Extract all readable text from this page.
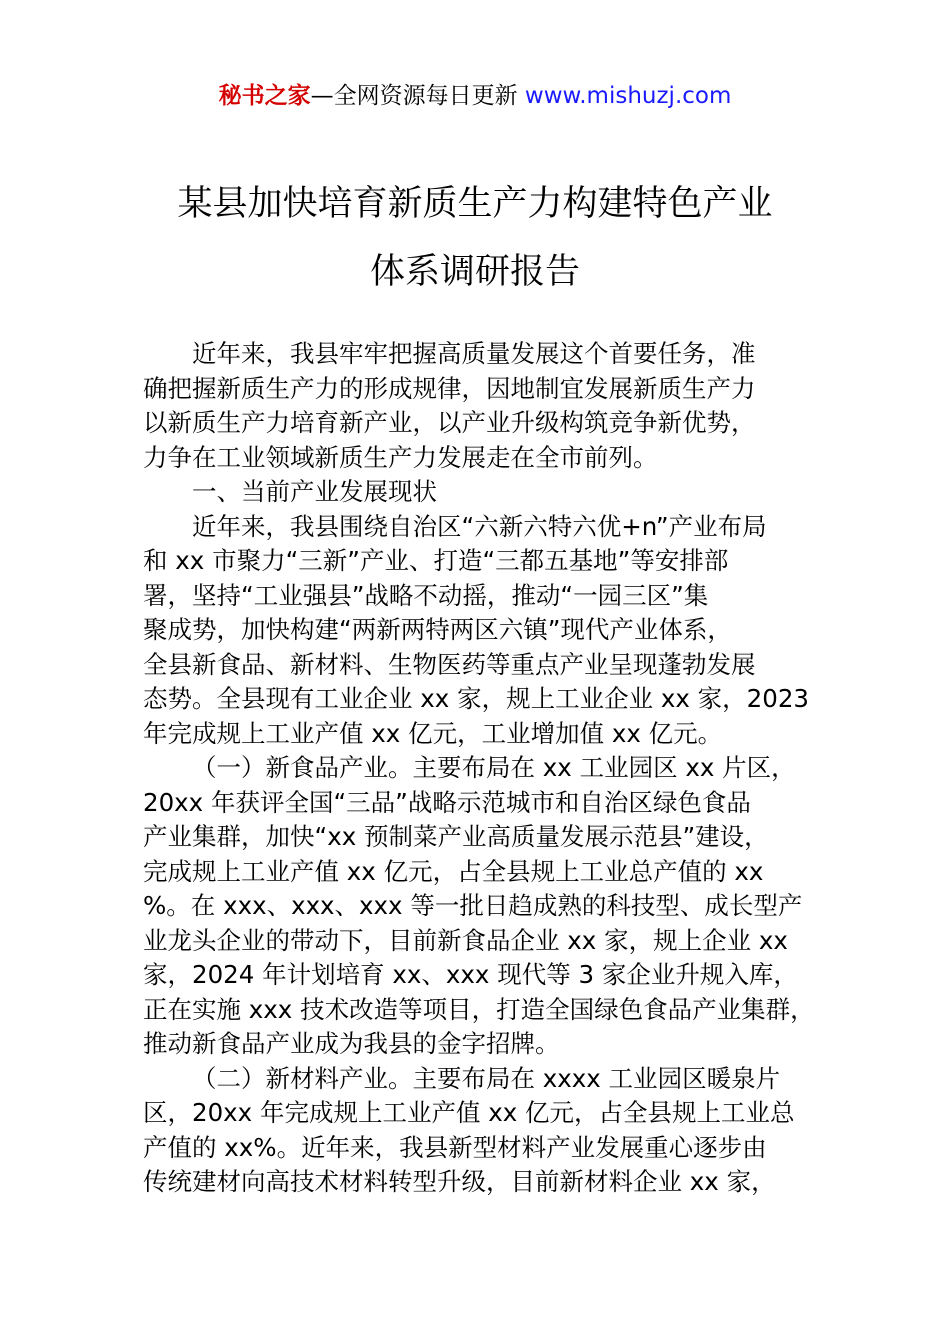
秘书之家—全网资源每日更新 www.mishuzj.com
某县加快培育新质生产力构建特色产业
体系调研报告
近年来，我县牢牢把握高质量发展这个首要任务，准
确把握新质生产力的形成规律，因地制宜发展新质生产力
以新质生产力培育新产业，以产业升级构筑竞争新优势，
力争在工业领域新质生产力发展走在全市前列。
一、当前产业发展现状
近年来，我县围绕自治区“六新六特六优+n”产业布局
和 xx 市聚力“三新”产业、打造“三都五基地”等安排部
署，坚持“工业强县”战略不动摇，推动“一园三区”集
聚成势，加快构建“两新两特两区六镇”现代产业体系，
全县新食品、新材料、生物医药等重点产业呈现蓬勃发展
态势。全县现有工业企业 xx 家，规上工业企业 xx 家，2023
年完成规上工业产值 xx 亿元，工业增加值 xx 亿元。
（一）新食品产业。主要布局在 xx 工业园区 xx 片区，
20xx 年获评全国“三品”战略示范城市和自治区绿色食品
产业集群，加快“xx 预制菜产业高质量发展示范县”建设，
完成规上工业产值 xx 亿元，占全县规上工业总产值的 xx
%。在 xxx、xxx、xxx 等一批日趋成熟的科技型、成长型产
业龙头企业的带动下，目前新食品企业 xx 家，规上企业 xx
家，2024 年计划培育 xx、xxx 现代等 3 家企业升规入库，
正在实施 xxx 技术改造等项目，打造全国绿色食品产业集群，
推动新食品产业成为我县的金字招牌。
（二）新材料产业。主要布局在 xxxx 工业园区暖泉片
区，20xx 年完成规上工业产值 xx 亿元，占全县规上工业总
产值的 xx%。近年来，我县新型材料产业发展重心逐步由
传统建材向高技术材料转型升级，目前新材料企业 xx 家，
